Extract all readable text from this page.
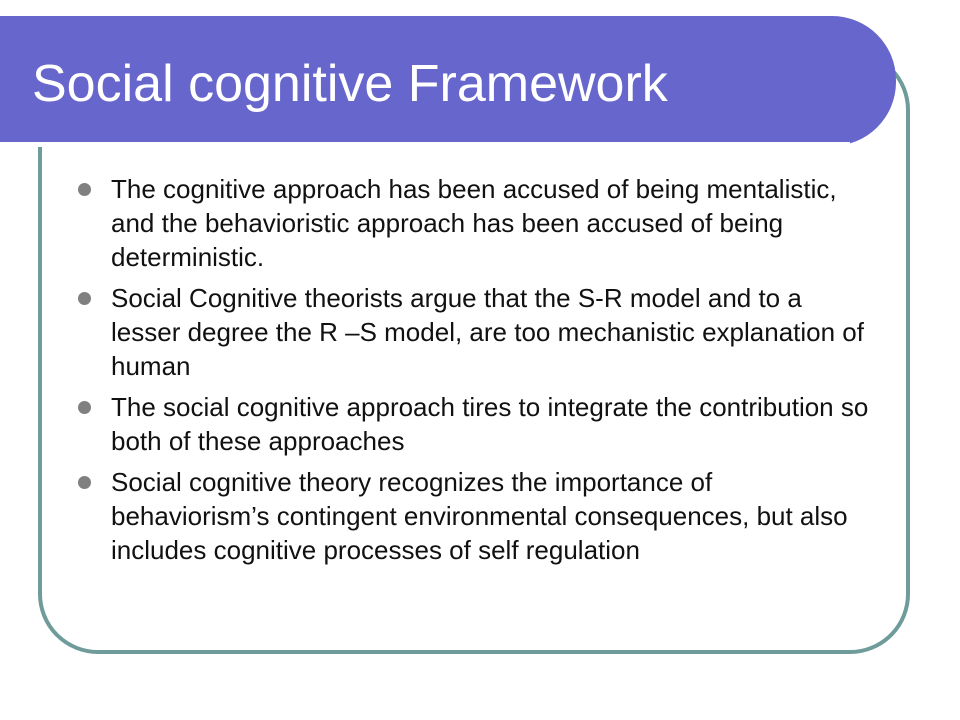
Social cognitive Framework
The cognitive approach has been accused of being mentalistic, and the behavioristic approach has been accused of being deterministic.
Social Cognitive theorists argue that the S-R model and to a lesser degree the R –S model, are too mechanistic explanation of human
The social cognitive approach tires to integrate the contribution so both of these approaches
Social cognitive theory recognizes the importance of behaviorism’s contingent environmental consequences, but also includes cognitive processes of self regulation
